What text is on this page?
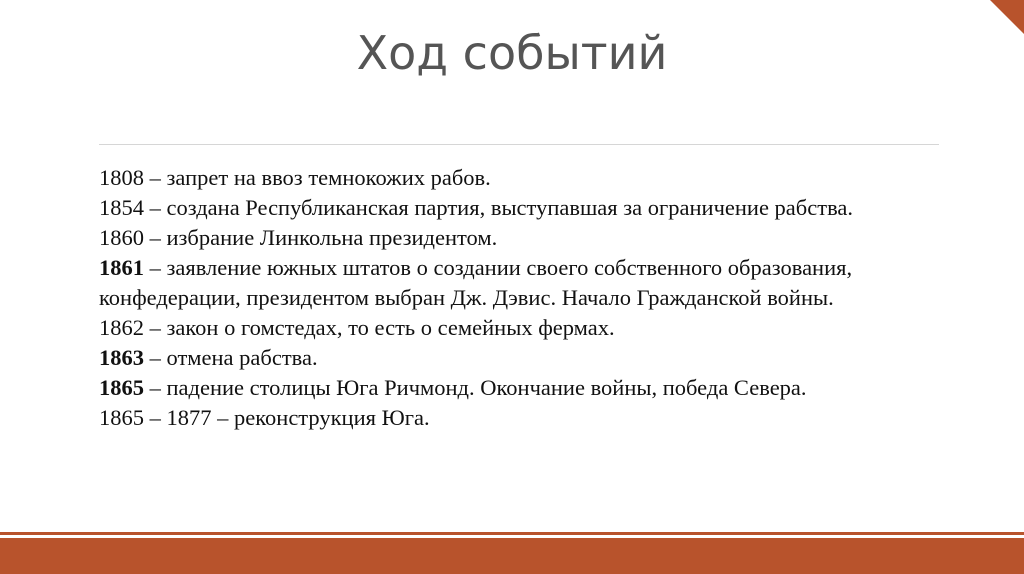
Ход событий

1808 – запрет на ввоз темнокожих рабов.

1854 – создана Республиканская партия, выступавшая за ограничение рабства.

1860 – избрание Линкольна президентом.

1861 – заявление южных штатов о создании своего собственного образования, конфедерации, президентом выбран Дж. Дэвис. Начало Гражданской войны.

1862 – закон о гомстедах, то есть о семейных фермах.

1863 – отмена рабства.

1865 – падение столицы Юга Ричмонд. Окончание войны, победа Севера.

1865 – 1877 – реконструкция Юга.
